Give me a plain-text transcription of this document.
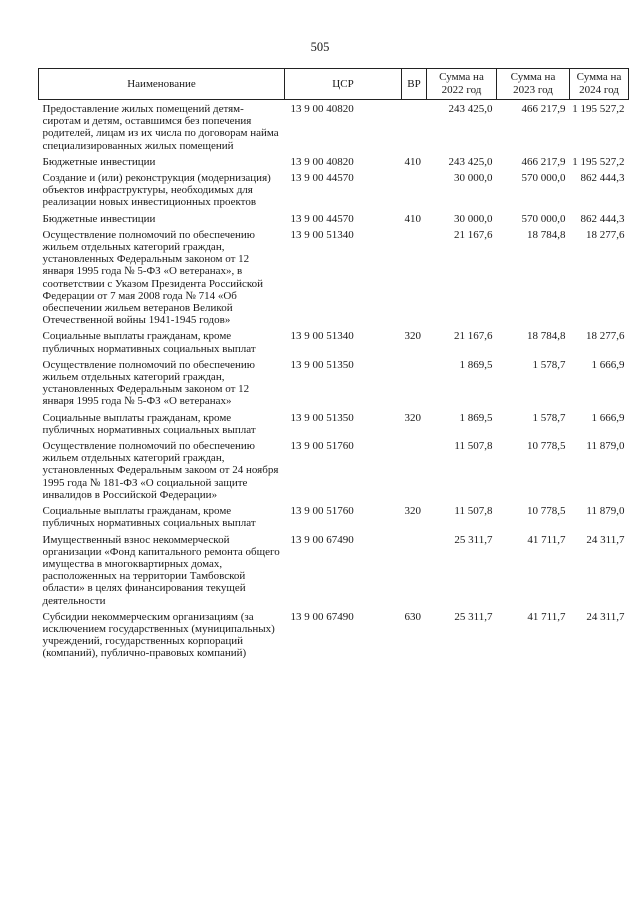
505
Наименование	ЦСР	ВР	Сумма на 2022 год	Сумма на 2023 год	Сумма на 2024 год
Предоставление жилых помещений детям-сиротам и детям, оставшимся без попечения родителей, лицам из их числа по договорам найма специализированных жилых помещений	13 9 00 40820		243 425,0	466 217,9	1 195 527,2
Бюджетные инвестиции	13 9 00 40820	410	243 425,0	466 217,9	1 195 527,2
Создание и (или) реконструкция (модернизация) объектов инфраструктуры, необходимых для реализации новых инвестиционных проектов	13 9 00 44570		30 000,0	570 000,0	862 444,3
Бюджетные инвестиции	13 9 00 44570	410	30 000,0	570 000,0	862 444,3
Осуществление полномочий по обеспечению жильем отдельных категорий граждан, установленных Федеральным законом от 12 января 1995 года № 5-ФЗ «О ветеранах», в соответствии с Указом Президента Российской Федерации от 7 мая 2008 года № 714 «Об обеспечении жильем ветеранов Великой Отечественной войны 1941-1945 годов»	13 9 00 51340		21 167,6	18 784,8	18 277,6
Социальные выплаты гражданам, кроме публичных нормативных социальных выплат	13 9 00 51340	320	21 167,6	18 784,8	18 277,6
Осуществление полномочий по обеспечению жильем отдельных категорий граждан, установленных Федеральным законом от 12 января 1995 года № 5-ФЗ «О ветеранах»	13 9 00 51350		1 869,5	1 578,7	1 666,9
Социальные выплаты гражданам, кроме публичных нормативных социальных выплат	13 9 00 51350	320	1 869,5	1 578,7	1 666,9
Осуществление полномочий по обеспечению жильем отдельных категорий граждан, установленных Федеральным закоом от 24 ноября 1995 года № 181-ФЗ «О социальной защите инвалидов в Российской Федерации»	13 9 00 51760		11 507,8	10 778,5	11 879,0
Социальные выплаты гражданам, кроме публичных нормативных социальных выплат	13 9 00 51760	320	11 507,8	10 778,5	11 879,0
Имущественный взнос некоммерческой организации «Фонд капитального ремонта общего имущества в многоквартирных домах, расположенных на территории Тамбовской области» в целях финансирования текущей деятельности	13 9 00 67490		25 311,7	41 711,7	24 311,7
Субсидии некоммерческим организациям (за исключением государственных (муниципальных) учреждений, государственных корпораций (компаний), публично-правовых компаний)	13 9 00 67490	630	25 311,7	41 711,7	24 311,7
